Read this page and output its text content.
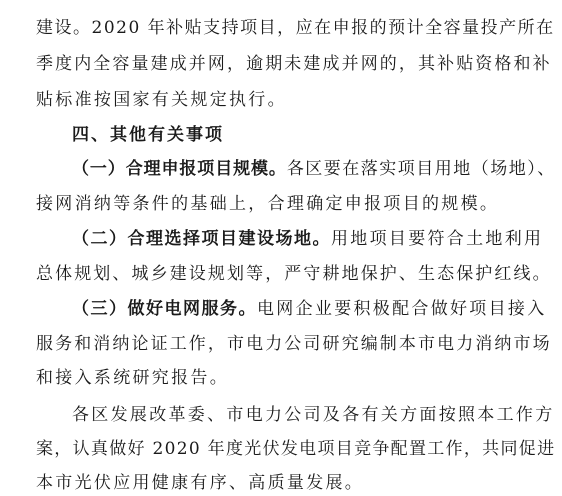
建设。2020 年补贴支持项目，应在申报的预计全容量投产所在
季度内全容量建成并网，逾期未建成并网的，其补贴资格和补
贴标准按国家有关规定执行。
四、其他有关事项
（一）合理申报项目规模。各区要在落实项目用地（场地）、
接网消纳等条件的基础上，合理确定申报项目的规模。
（二）合理选择项目建设场地。用地项目要符合土地利用
总体规划、城乡建设规划等，严守耕地保护、生态保护红线。
（三）做好电网服务。电网企业要积极配合做好项目接入
服务和消纳论证工作，市电力公司研究编制本市电力消纳市场
和接入系统研究报告。
各区发展改革委、市电力公司及各有关方面按照本工作方
案，认真做好 2020 年度光伏发电项目竞争配置工作，共同促进
本市光伏应用健康有序、高质量发展。
